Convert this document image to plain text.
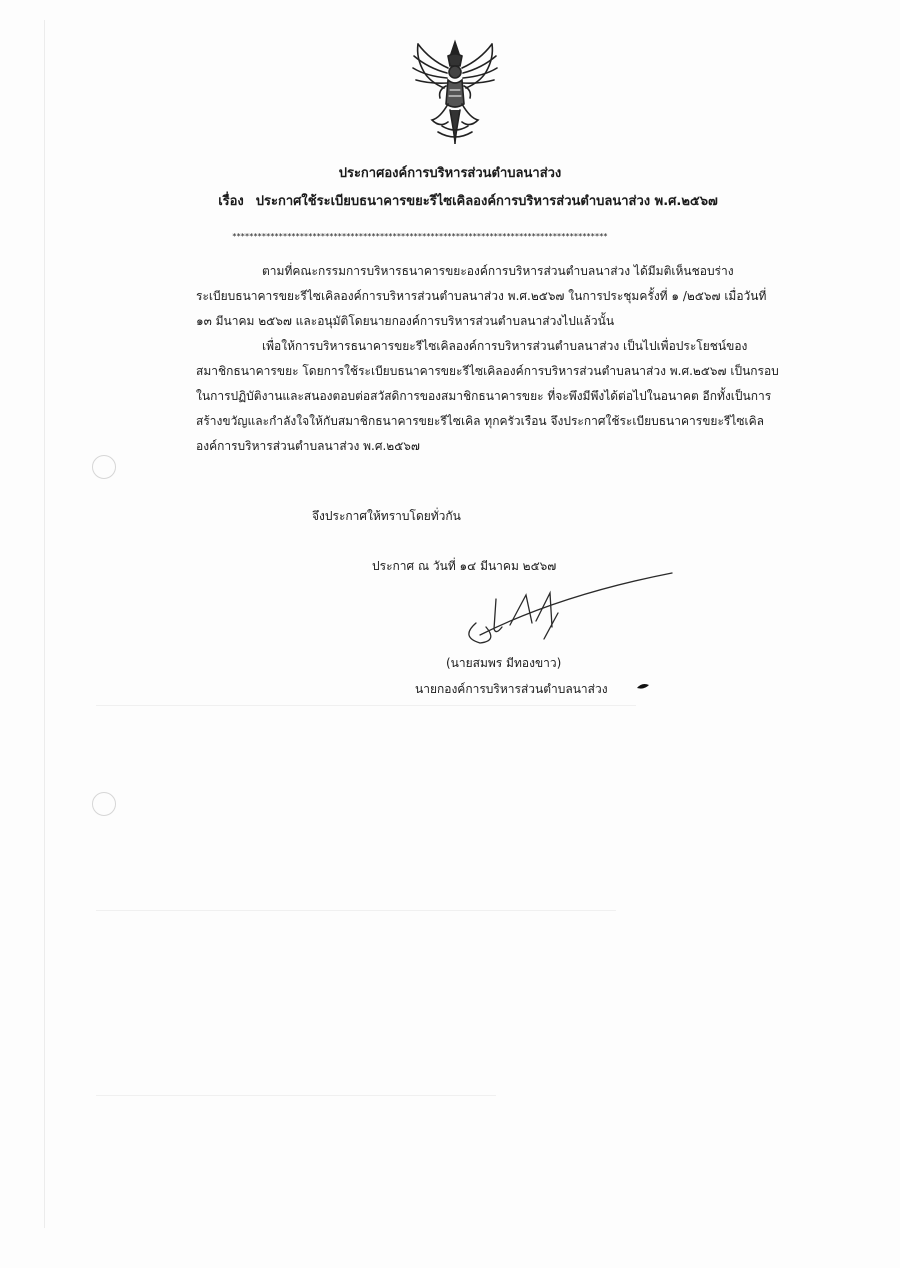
ประกาศองค์การบริหารส่วนตำบลนาส่วง
เรื่อง ประกาศใช้ระเบียบธนาคารขยะรีไซเคิลองค์การบริหารส่วนตำบลนาส่วง พ.ศ.๒๕๖๗
*****************************************************************************************
ตามที่คณะกรรมการบริหารธนาคารขยะองค์การบริหารส่วนตำบลนาส่วง ได้มีมติเห็นชอบร่าง
ระเบียบธนาคารขยะรีไซเคิลองค์การบริหารส่วนตำบลนาส่วง พ.ศ.๒๕๖๗ ในการประชุมครั้งที่ ๑ /๒๕๖๗ เมื่อวันที่
๑๓ มีนาคม ๒๕๖๗ และอนุมัติโดยนายกองค์การบริหารส่วนตำบลนาส่วงไปแล้วนั้น
เพื่อให้การบริหารธนาคารขยะรีไซเคิลองค์การบริหารส่วนตำบลนาส่วง เป็นไปเพื่อประโยชน์ของ
สมาชิกธนาคารขยะ โดยการใช้ระเบียบธนาคารขยะรีไซเคิลองค์การบริหารส่วนตำบลนาส่วง พ.ศ.๒๕๖๗ เป็นกรอบ
ในการปฏิบัติงานและสนองตอบต่อสวัสดิการของสมาชิกธนาคารขยะ ที่จะพึงมีพึงได้ต่อไปในอนาคต อีกทั้งเป็นการ
สร้างขวัญและกำลังใจให้กับสมาชิกธนาคารขยะรีไซเคิล ทุกครัวเรือน จึงประกาศใช้ระเบียบธนาคารขยะรีไซเคิล
องค์การบริหารส่วนตำบลนาส่วง พ.ศ.๒๕๖๗
จึงประกาศให้ทราบโดยทั่วกัน
ประกาศ ณ วันที่ ๑๔ มีนาคม ๒๕๖๗
(นายสมพร มีทองขาว)
นายกองค์การบริหารส่วนตำบลนาส่วง
